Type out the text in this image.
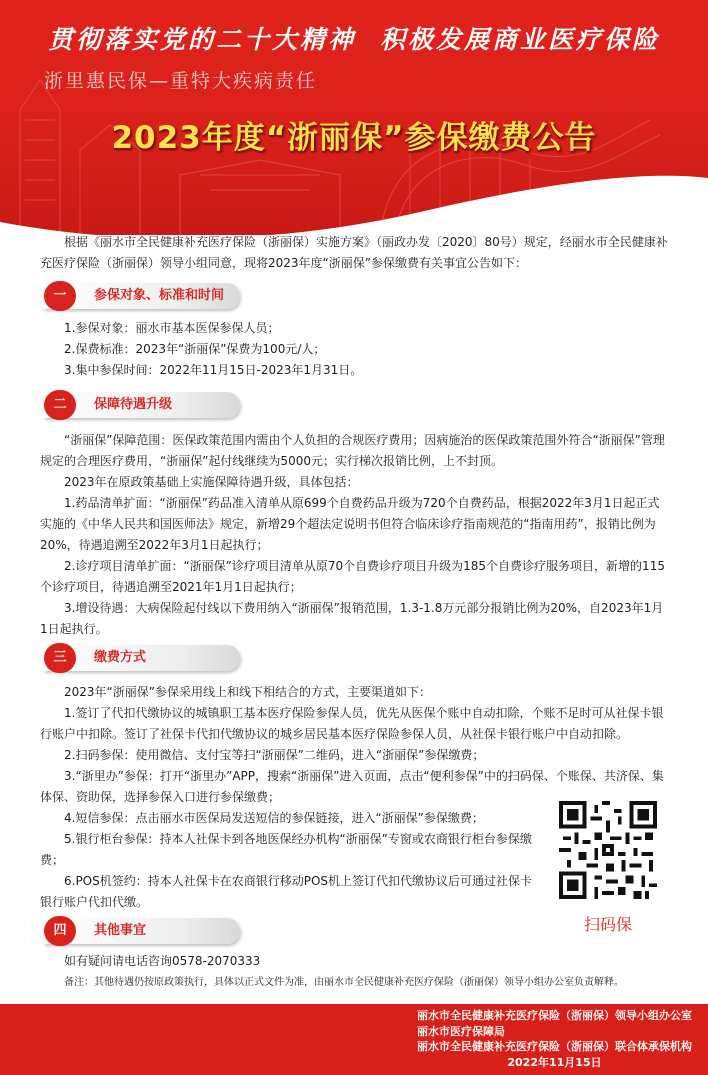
贯彻落实党的二十大精神 积极发展商业医疗保险
浙里惠民保—重特大疾病责任
2023年度“浙丽保”参保缴费公告
根据《丽水市全民健康补充医疗保险（浙丽保）实施方案》（丽政办发〔2020〕80号）规定，经丽水市全民健康补充医疗保险（浙丽保）领导小组同意，现将2023年度“浙丽保”参保缴费有关事宜公告如下：
一	参保对象、标准和时间
1.参保对象：丽水市基本医保参保人员；
2.保费标准：2023年“浙丽保”保费为100元/人；
3.集中参保时间：2022年11月15日-2023年1月31日。
二	保障待遇升级
“浙丽保”保障范围：医保政策范围内需由个人负担的合规医疗费用；因病施治的医保政策范围外符合“浙丽保”管理规定的合理医疗费用，“浙丽保”起付线继续为5000元；实行梯次报销比例，上不封顶。
2023年在原政策基础上实施保障待遇升级，具体包括：
1.药品清单扩面：“浙丽保”药品准入清单从原699个自费药品升级为720个自费药品，根据2022年3月1日起正式实施的《中华人民共和国医师法》规定，新增29个超法定说明书但符合临床诊疗指南规范的“指南用药”，报销比例为20%，待遇追溯至2022年3月1日起执行；
2.诊疗项目清单扩面：“浙丽保”诊疗项目清单从原70个自费诊疗项目升级为185个自费诊疗服务项目，新增的115个诊疗项目，待遇追溯至2021年1月1日起执行；
3.增设待遇：大病保险起付线以下费用纳入“浙丽保”报销范围，1.3-1.8万元部分报销比例为20%，自2023年1月1日起执行。
三	缴费方式
2023年“浙丽保”参保采用线上和线下相结合的方式，主要渠道如下：
1.签订了代扣代缴协议的城镇职工基本医疗保险参保人员，优先从医保个账中自动扣除，个账不足时可从社保卡银行账户中扣除。签订了社保卡代扣代缴协议的城乡居民基本医疗保险参保人员，从社保卡银行账户中自动扣除。
2.扫码参保：使用微信、支付宝等扫“浙丽保”二维码，进入“浙丽保”参保缴费；
3.“浙里办”参保：打开“浙里办”APP，搜索“浙丽保”进入页面，点击“便利参保”中的扫码保、个账保、共济保、集体保、资助保，选择参保入口进行参保缴费；
4.短信参保：点击丽水市医保局发送短信的参保链接，进入“浙丽保”参保缴费；
5.银行柜台参保：持本人社保卡到各地医保经办机构“浙丽保”专窗或农商银行柜台参保缴费；
6.POS机签约：持本人社保卡在农商银行移动POS机上签订代扣代缴协议后可通过社保卡银行账户代扣代缴。
四	其他事宜
如有疑问请电话咨询0578-2070333
备注：其他待遇仍按原政策执行，具体以正式文件为准，由丽水市全民健康补充医疗保险（浙丽保）领导小组办公室负责解释。
扫码保
丽水市全民健康补充医疗保险（浙丽保）领导小组办公室
丽水市医疗保障局
丽水市全民健康补充医疗保险（浙丽保）联合体承保机构
2022年11月15日
